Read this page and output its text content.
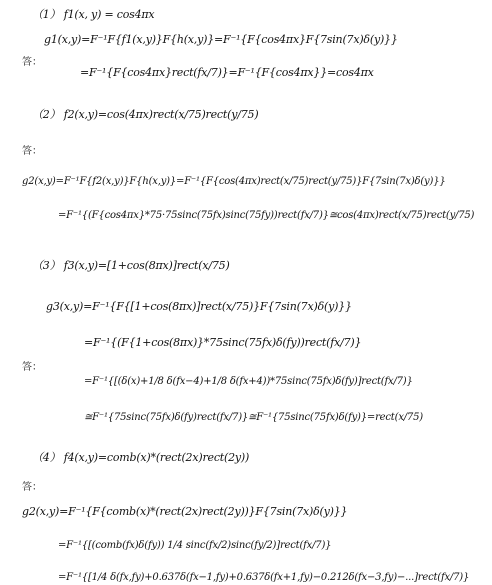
（1） f1(x, y) = cos4πx
g1(x,y)=F⁻¹F{f1(x,y)}F{h(x,y)}=F⁻¹{F{cos4πx}F{7sin(7x)δ(y)}}
答：
=F⁻¹{F{cos4πx}rect(fx/7)}=F⁻¹{F{cos4πx}}=cos4πx
（2） f2(x,y)=cos(4πx)rect(x/75)rect(y/75)
答：
g2(x,y)=F⁻¹F{f2(x,y)}F{h(x,y)}=F⁻¹{F{cos(4πx)rect(x/75)rect(y/75)}F{7sin(7x)δ(y)}}
=F⁻¹{(F{cos4πx}*75·75sinc(75fx)sinc(75fy))rect(fx/7)}≅cos(4πx)rect(x/75)rect(y/75)
（3） f3(x,y)=[1+cos(8πx)]rect(x/75)
g3(x,y)=F⁻¹{F{[1+cos(8πx)]rect(x/75)}F{7sin(7x)δ(y)}}
=F⁻¹{(F{1+cos(8πx)}*75sinc(75fx)δ(fy))rect(fx/7)}
答：
=F⁻¹{[(δ(x)+1/8 δ(fx−4)+1/8 δ(fx+4))*75sinc(75fx)δ(fy)]rect(fx/7)}
≅F⁻¹{75sinc(75fx)δ(fy)rect(fx/7)}≅F⁻¹{75sinc(75fx)δ(fy)}=rect(x/75)
（4） f4(x,y)=comb(x)*(rect(2x)rect(2y))
答：
g2(x,y)=F⁻¹{F{comb(x)*(rect(2x)rect(2y))}F{7sin(7x)δ(y)}}
=F⁻¹{[(comb(fx)δ(fy)) 1/4 sinc(fx/2)sinc(fy/2)]rect(fx/7)}
=F⁻¹{[1/4 δ(fx,fy)+0.637δ(fx−1,fy)+0.637δ(fx+1,fy)−0.212δ(fx−3,fy)−...]rect(fx/7)}
